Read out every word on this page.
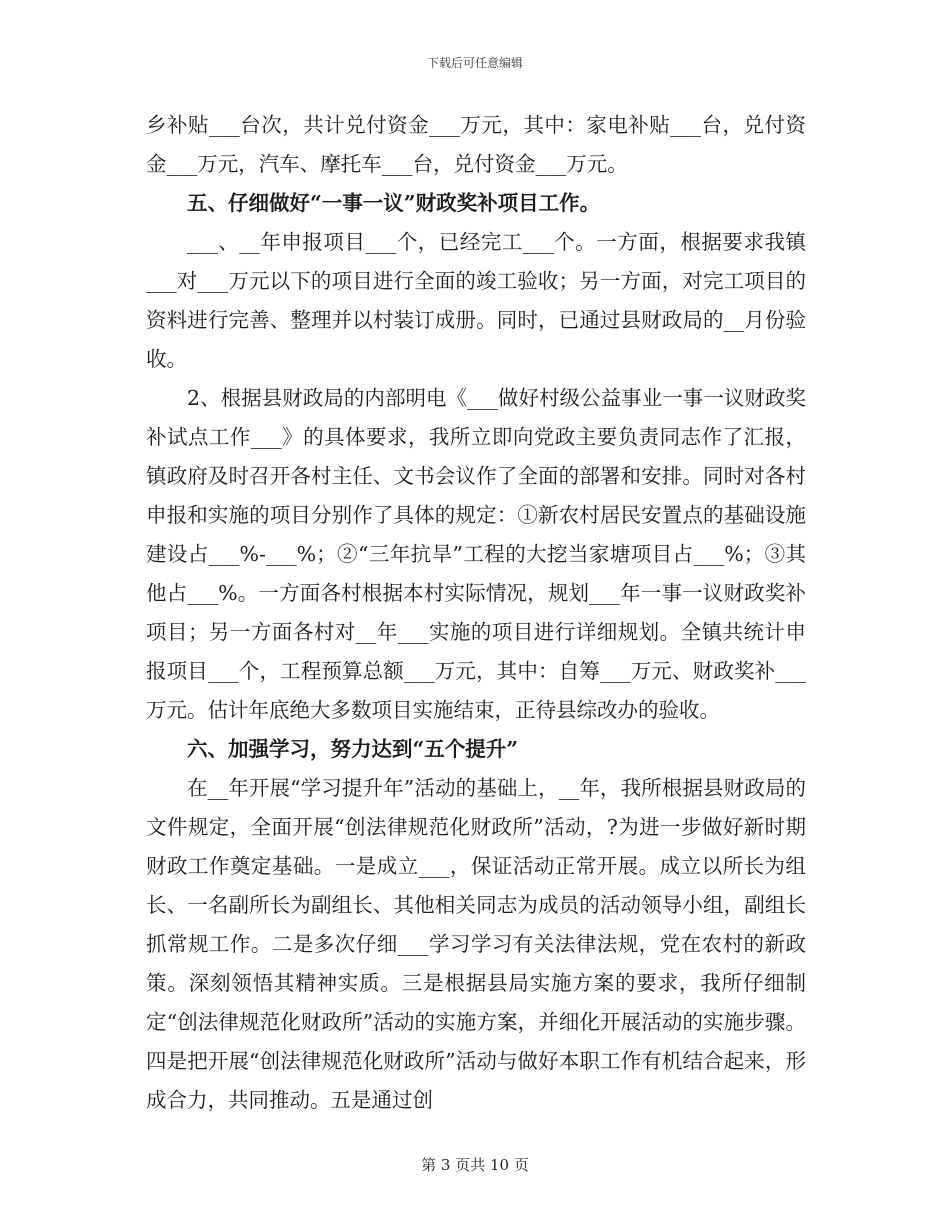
下载后可任意编辑

乡补贴___台次，共计兑付资金___万元，其中：家电补贴___台，兑付资金___万元，汽车、摩托车___台，兑付资金___万元。

五、仔细做好“一事一议”财政奖补项目工作。

___、__年申报项目___个，已经完工___个。一方面，根据要求我镇___对___万元以下的项目进行全面的竣工验收；另一方面，对完工项目的资料进行完善、整理并以村装订成册。同时，已通过县财政局的__月份验收。

2、根据县财政局的内部明电《___做好村级公益事业一事一议财政奖补试点工作___》的具体要求，我所立即向党政主要负责同志作了汇报，镇政府及时召开各村主任、文书会议作了全面的部署和安排。同时对各村申报和实施的项目分别作了具体的规定：①新农村居民安置点的基础设施建设占___%-___%；②“三年抗旱”工程的大挖当家塘项目占___%；③其他占___%。一方面各村根据本村实际情况，规划___年一事一议财政奖补项目；另一方面各村对__年___实施的项目进行详细规划。全镇共统计申报项目___个，工程预算总额___万元，其中：自筹___万元、财政奖补___万元。估计年底绝大多数项目实施结束，正待县综改办的验收。

六、加强学习，努力达到“五个提升”

在__年开展“学习提升年”活动的基础上，__年，我所根据县财政局的文件规定，全面开展“创法律规范化财政所”活动，?为进一步做好新时期财政工作奠定基础。一是成立___，保证活动正常开展。成立以所长为组长、一名副所长为副组长、其他相关同志为成员的活动领导小组，副组长抓常规工作。二是多次仔细___学习学习有关法律法规，党在农村的新政策。深刻领悟其精神实质。三是根据县局实施方案的要求，我所仔细制定“创法律规范化财政所”活动的实施方案，并细化开展活动的实施步骤。四是把开展“创法律规范化财政所”活动与做好本职工作有机结合起来，形成合力，共同推动。五是通过创

第 3 页共 10 页
